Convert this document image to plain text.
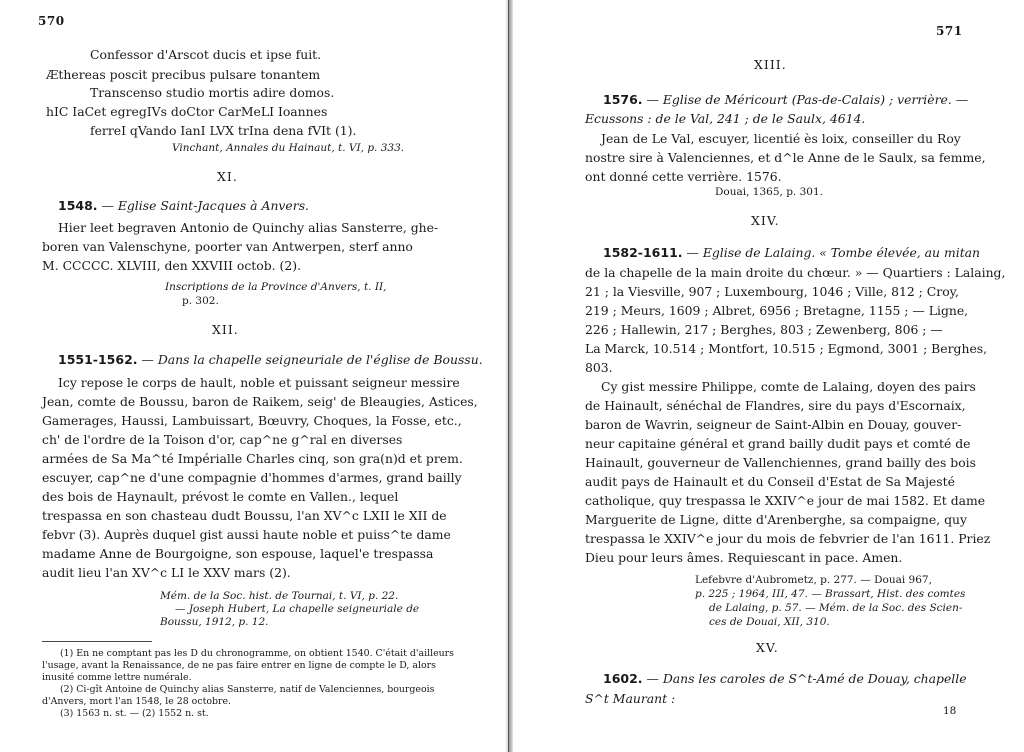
570
Confessor d'Arscot ducis et ipse fuit.
Æthereas poscit precibus pulsare tonantem
Transcenso studio mortis adire domos.
hIC IaCet egregIVs doCtor CarMeLI Ioannes
ferreI qVando IanI LVX trIna dena fVIt (1).
Vinchant, Annales du Hainaut, t. VI, p. 333.
XI.
1548. — Eglise Saint-Jacques à Anvers.
Hier leet begraven Antonio de Quinchy alias Sansterre, ghe-
boren van Valenschyne, poorter van Antwerpen, sterf anno
M. CCCCC. XLVIII, den XXVIII octob. (2).
Inscriptions de la Province d'Anvers, t. II,
p. 302.
XII.
1551-1562. — Dans la chapelle seigneuriale de l'église de Boussu.
Icy repose le corps de hault, noble et puissant seigneur messire
Jean, comte de Boussu, baron de Raikem, seig' de Bleaugies, Astices,
Gamerages, Haussi, Lambuissart, Bœuvry, Choques, la Fosse, etc.,
ch' de l'ordre de la Toison d'or, cap^ne g^ral en diverses
armées de Sa Ma^té Impérialle Charles cinq, son gra(n)d et prem.
escuyer, cap^ne d'une compagnie d'hommes d'armes, grand bailly
des bois de Haynault, prévost le comte en Vallen., lequel
trespassa en son chasteau dudt Boussu, l'an XV^c LXII le XII de
febvr (3). Auprès duquel gist aussi haute noble et puiss^te dame
madame Anne de Bourgoigne, son espouse, laquel'e trespassa
audit lieu l'an XV^c LI le XXV mars (2).
Mém. de la Soc. hist. de Tournai, t. VI, p. 22.
— Joseph Hubert, La chapelle seigneuriale de
Boussu, 1912, p. 12.
(1) En ne comptant pas les D du chronogramme, on obtient 1540. C'était d'ailleurs
l'usage, avant la Renaissance, de ne pas faire entrer en ligne de compte le D, alors
inusité comme lettre numérale.
(2) Ci-gît Antoine de Quinchy alias Sansterre, natif de Valenciennes, bourgeois
d'Anvers, mort l'an 1548, le 28 octobre.
(3) 1563 n. st. — (2) 1552 n. st.
571
XIII.
1576. — Eglise de Méricourt (Pas-de-Calais) ; verrière. —
Ecussons : de le Val, 241 ; de le Saulx, 4614.
Jean de Le Val, escuyer, licentié ès loix, conseiller du Roy
nostre sire à Valenciennes, et d^le Anne de le Saulx, sa femme,
ont donné cette verrière. 1576.
Douai, 1365, p. 301.
XIV.
1582-1611. — Eglise de Lalaing. « Tombe élevée, au mitan
de la chapelle de la main droite du chœur. » — Quartiers : Lalaing,
21 ; la Viesville, 907 ; Luxembourg, 1046 ; Ville, 812 ; Croy,
219 ; Meurs, 1609 ; Albret, 6956 ; Bretagne, 1155 ; — Ligne,
226 ; Hallewin, 217 ; Berghes, 803 ; Zewenberg, 806 ; —
La Marck, 10.514 ; Montfort, 10.515 ; Egmond, 3001 ; Berghes,
803.
Cy gist messire Philippe, comte de Lalaing, doyen des pairs
de Hainault, sénéchal de Flandres, sire du pays d'Escornaix,
baron de Wavrin, seigneur de Saint-Albin en Douay, gouver-
neur capitaine général et grand bailly dudit pays et comté de
Hainault, gouverneur de Vallenchiennes, grand bailly des bois
audit pays de Hainault et du Conseil d'Estat de Sa Majesté
catholique, quy trespassa le XXIV^e jour de mai 1582. Et dame
Marguerite de Ligne, ditte d'Arenberghe, sa compaigne, quy
trespassa le XXIV^e jour du mois de febvrier de l'an 1611. Priez
Dieu pour leurs âmes. Requiescant in pace. Amen.
Lefebvre d'Aubrometz, p. 277. — Douai 967,
p. 225 ; 1964, III, 47. — Brassart, Hist. des comtes
de Lalaing, p. 57. — Mém. de la Soc. des Scien-
ces de Douai, XII, 310.
XV.
1602. — Dans les caroles de S^t-Amé de Douay, chapelle
S^t Maurant :
18
